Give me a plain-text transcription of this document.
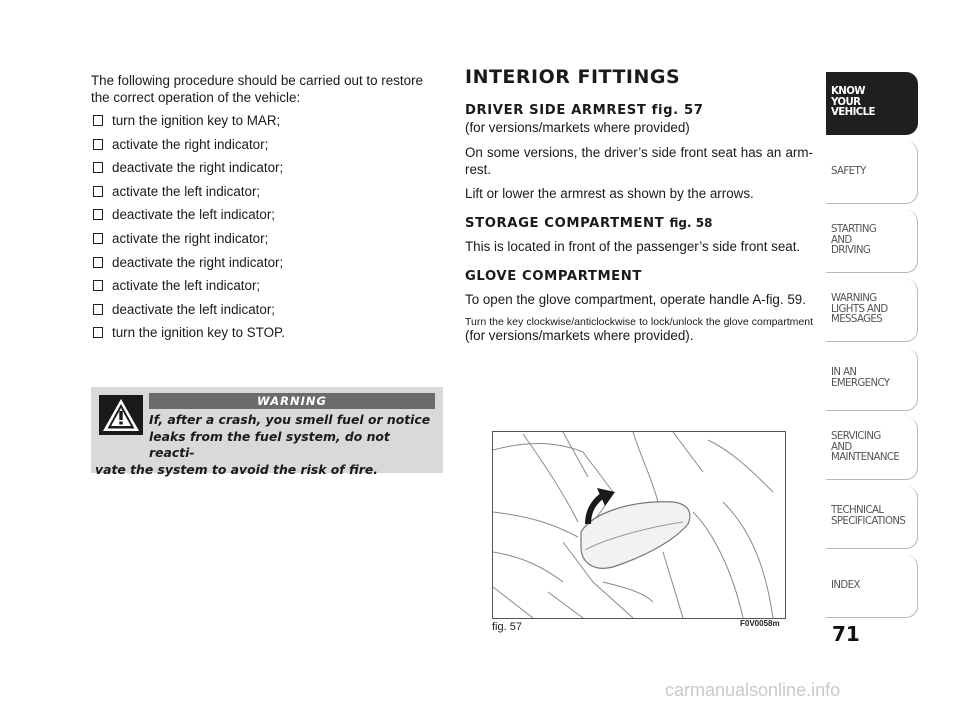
The following procedure should be carried out to restore the correct operation of the vehicle:

turn the ignition key to MAR;
activate the right indicator;
deactivate the right indicator;
activate the left indicator;
deactivate the left indicator;
activate the right indicator;
deactivate the right indicator;
activate the left indicator;
deactivate the left indicator;
turn the ignition key to STOP.
WARNING
If, after a crash, you smell fuel or notice
leaks from the fuel system, do not reacti-
vate the system to avoid the risk of fire.
INTERIOR FITTINGS
DRIVER SIDE ARMREST fig. 57

(for versions/markets where provided)

On some versions, the driver’s side front seat has an arm-rest.

Lift or lower the armrest as shown by the arrows.

STORAGE COMPARTMENT fig. 58

This is located in front of the passenger’s side front seat.

GLOVE COMPARTMENT

To open the glove compartment, operate handle A-fig. 59.

Turn the key clockwise/anticlockwise to lock/unlock the glove compartment (for versions/markets where provided).

fig. 57	F0V0058m
KNOW
YOUR
VEHICLE
SAFETY
STARTING
AND
DRIVING
WARNING
LIGHTS AND
MESSAGES
IN AN
EMERGENCY
SERVICING
AND
MAINTENANCE
TECHNICAL
SPECIFICATIONS
INDEX
71
carmanualsonline.info
